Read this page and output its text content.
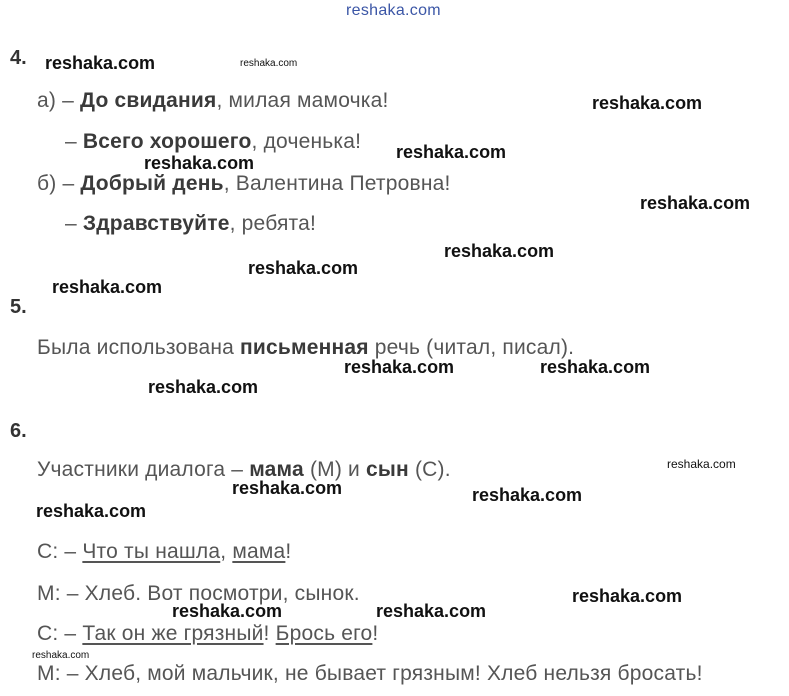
reshaka.com
4.
а) – До свидания, милая мамочка!
– Всего хорошего, доченька!
б) – Добрый день, Валентина Петровна!
– Здравствуйте, ребята!
5.
Была использована письменная речь (читал, писал).
6.
Участники диалога – мама (М) и сын (С).
С: – Что ты нашла, мама!
М: – Хлеб. Вот посмотри, сынок.
С: – Так он же грязный! Брось его!
М: – Хлеб, мой мальчик, не бывает грязным! Хлеб нельзя бросать!
reshaka.com	reshaka.com
reshaka.com
reshaka.com
reshaka.com
reshaka.com
reshaka.com
reshaka.com
reshaka.com
reshaka.com	reshaka.com
reshaka.com
reshaka.com
reshaka.com	reshaka.com
reshaka.com
reshaka.com
reshaka.com	reshaka.com
reshaka.com
